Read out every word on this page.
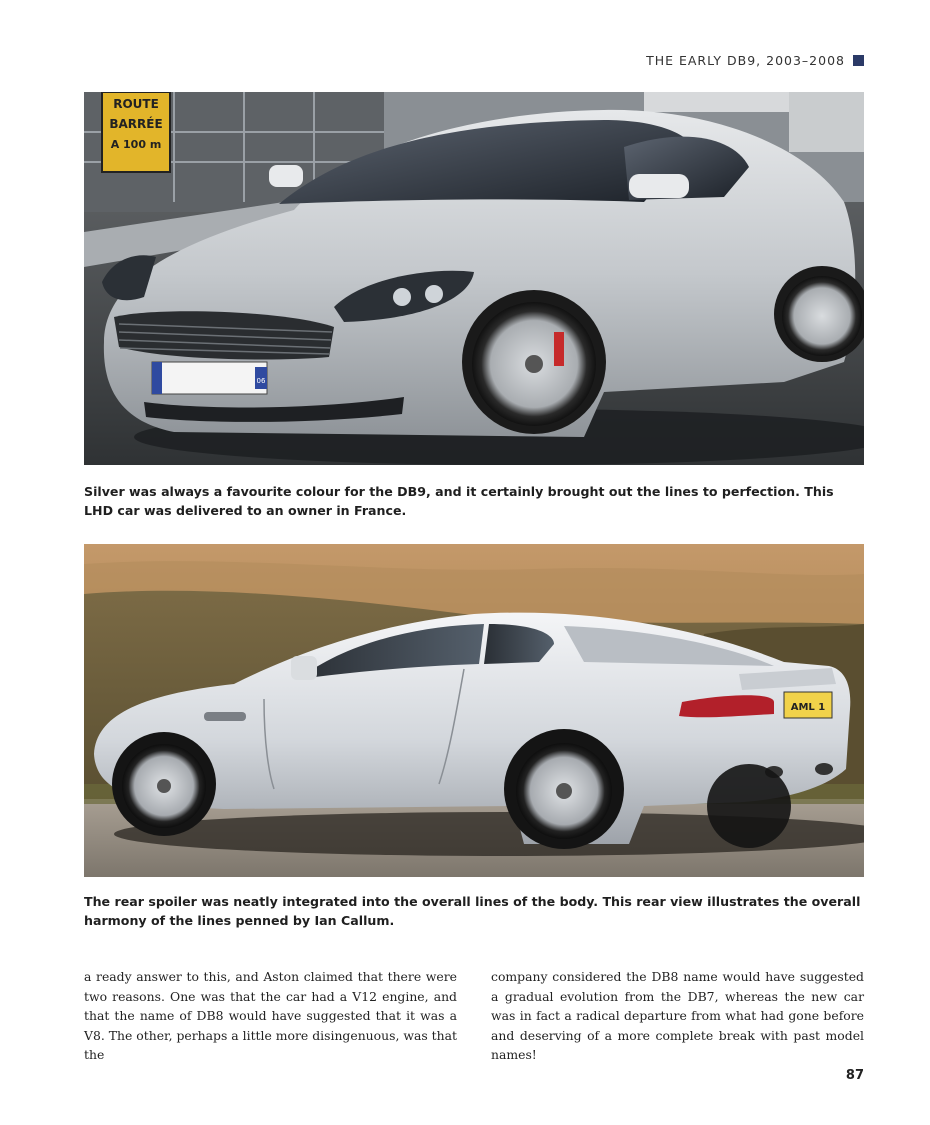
THE EARLY DB9, 2003–2008
ROUTE
BARRÉE
A 100 m
06
Silver was always a favourite colour for the DB9, and it certainly brought out the lines to perfection. This LHD car was delivered to an owner in France.
AML 1
The rear spoiler was neatly integrated into the overall lines of the body. This rear view illustrates the overall harmony of the lines penned by Ian Callum.
a ready answer to this, and Aston claimed that there were two reasons. One was that the car had a V12 engine, and that the name of DB8 would have suggested that it was a V8. The other, perhaps a little more disingenuous, was that the
company considered the DB8 name would have suggested a gradual evolution from the DB7, whereas the new car was in fact a radical departure from what had gone before and deserving of a more complete break with past model names!
87
